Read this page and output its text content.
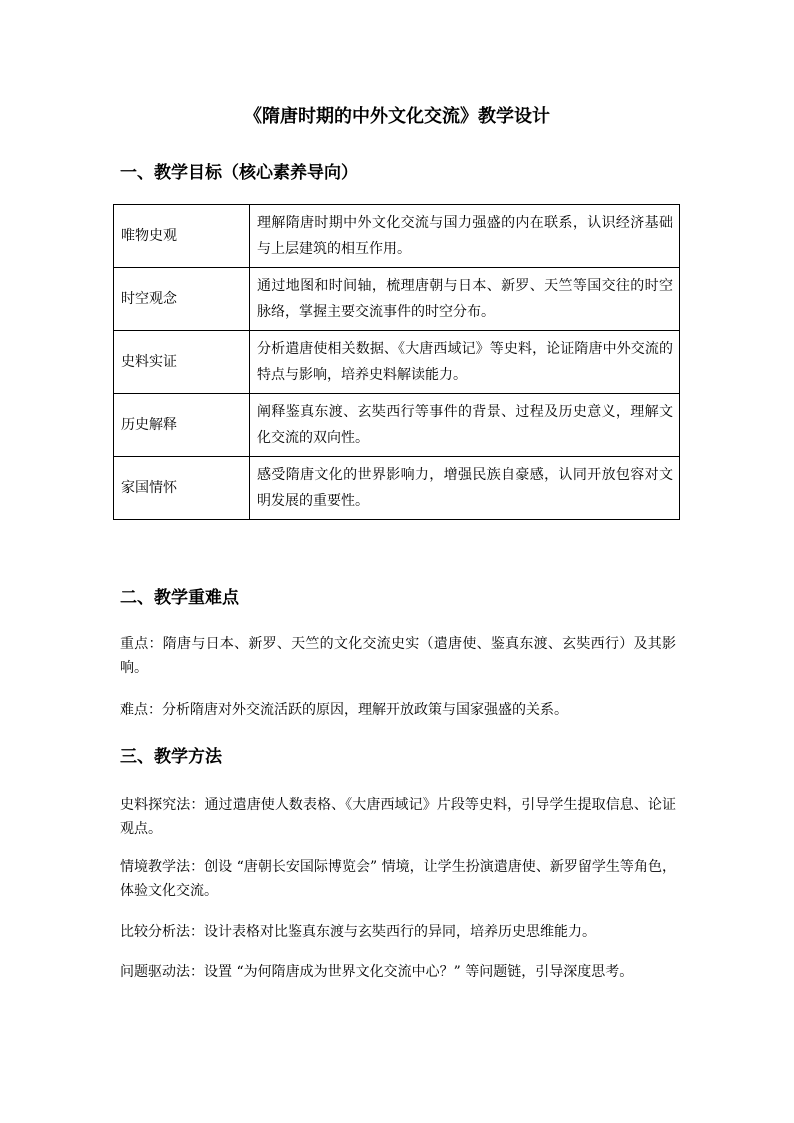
《隋唐时期的中外文化交流》教学设计
一、教学目标（核心素养导向）
唯物史观	理解隋唐时期中外文化交流与国力强盛的内在联系，认识经济基础与上层建筑的相互作用。
时空观念	通过地图和时间轴，梳理唐朝与日本、新罗、天竺等国交往的时空脉络，掌握主要交流事件的时空分布。
史料实证	分析遣唐使相关数据、《大唐西域记》等史料，论证隋唐中外交流的特点与影响，培养史料解读能力。
历史解释	阐释鉴真东渡、玄奘西行等事件的背景、过程及历史意义，理解文化交流的双向性。
家国情怀	感受隋唐文化的世界影响力，增强民族自豪感，认同开放包容对文明发展的重要性。
二、教学重难点
重点：隋唐与日本、新罗、天竺的文化交流史实（遣唐使、鉴真东渡、玄奘西行）及其影响。
难点：分析隋唐对外交流活跃的原因，理解开放政策与国家强盛的关系。
三、教学方法
史料探究法：通过遣唐使人数表格、《大唐西域记》片段等史料，引导学生提取信息、论证观点。
情境教学法：创设 “唐朝长安国际博览会” 情境，让学生扮演遣唐使、新罗留学生等角色，体验文化交流。
比较分析法：设计表格对比鉴真东渡与玄奘西行的异同，培养历史思维能力。
问题驱动法：设置 “为何隋唐成为世界文化交流中心？” 等问题链，引导深度思考。
